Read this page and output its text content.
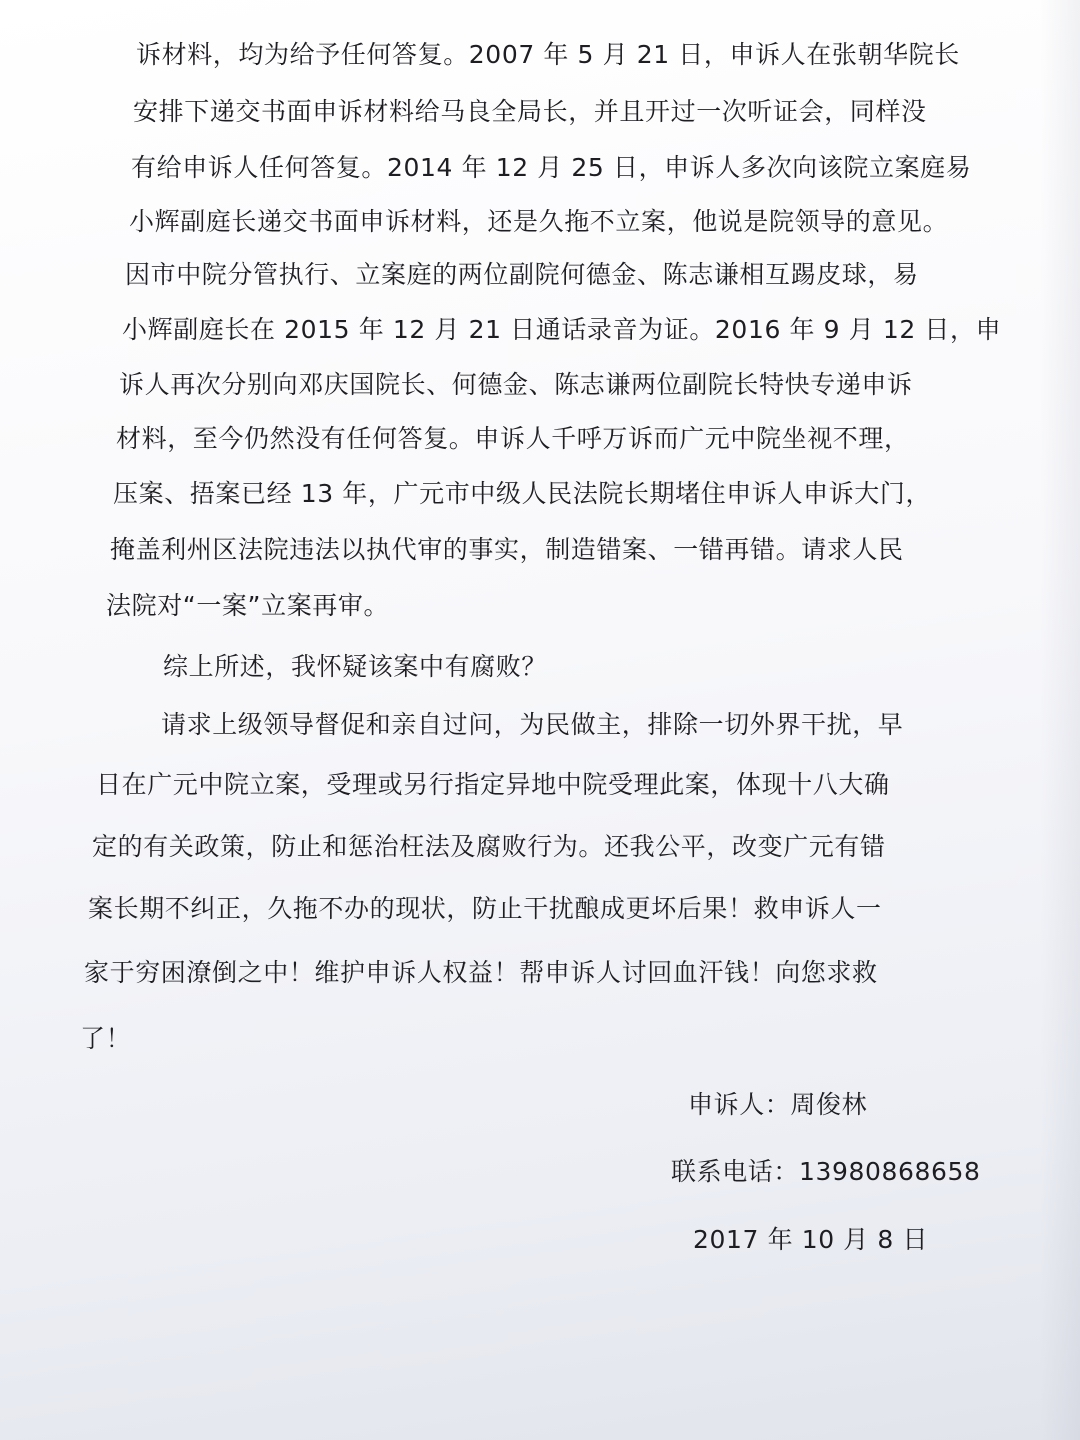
诉材料，均为给予任何答复。2007 年 5 月 21 日，申诉人在张朝华院长
安排下递交书面申诉材料给马良全局长，并且开过一次听证会，同样没
有给申诉人任何答复。2014 年 12 月 25 日，申诉人多次向该院立案庭易
小辉副庭长递交书面申诉材料，还是久拖不立案，他说是院领导的意见。
因市中院分管执行、立案庭的两位副院何德金、陈志谦相互踢皮球，易
小辉副庭长在 2015 年 12 月 21 日通话录音为证。2016 年 9 月 12 日，申
诉人再次分别向邓庆国院长、何德金、陈志谦两位副院长特快专递申诉
材料，至今仍然没有任何答复。申诉人千呼万诉而广元中院坐视不理，
压案、捂案已经 13 年，广元市中级人民法院长期堵住申诉人申诉大门，
掩盖利州区法院违法以执代审的事实，制造错案、一错再错。请求人民
法院对“一案”立案再审。
综上所述，我怀疑该案中有腐败？
请求上级领导督促和亲自过问，为民做主，排除一切外界干扰，早
日在广元中院立案，受理或另行指定异地中院受理此案，体现十八大确
定的有关政策，防止和惩治枉法及腐败行为。还我公平，改变广元有错
案长期不纠正，久拖不办的现状，防止干扰酿成更坏后果！救申诉人一
家于穷困潦倒之中！维护申诉人权益！帮申诉人讨回血汗钱！向您求救
了！
申诉人：周俊林
联系电话：13980868658
2017 年 10 月 8 日
